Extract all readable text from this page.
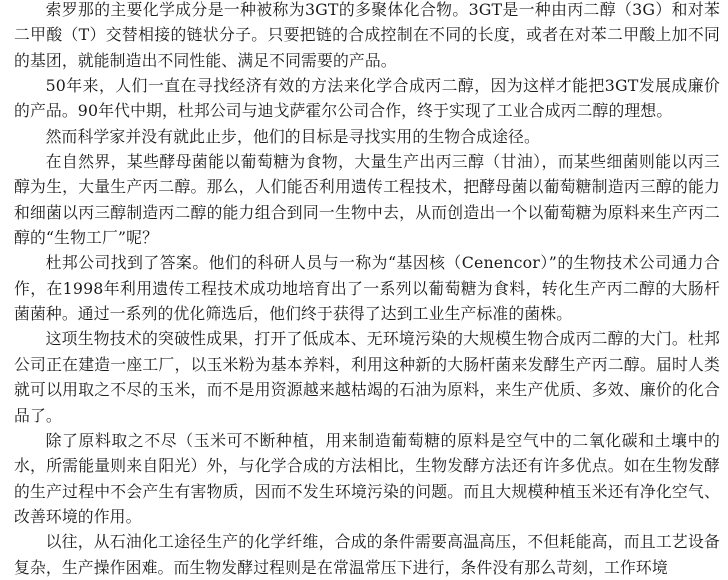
索罗那的主要化学成分是一种被称为3GT的多聚体化合物。3GT是一种由丙二醇（3G）和对苯二甲酸（T）交替相接的链状分子。只要把链的合成控制在不同的长度，或者在对苯二甲酸上加不同的基团，就能制造出不同性能、满足不同需要的产品。

50年来，人们一直在寻找经济有效的方法来化学合成丙二醇，因为这样才能把3GT发展成廉价的产品。90年代中期，杜邦公司与迪戈萨霍尔公司合作，终于实现了工业合成丙二醇的理想。

然而科学家并没有就此止步，他们的目标是寻找实用的生物合成途径。

在自然界，某些酵母菌能以葡萄糖为食物，大量生产出丙三醇（甘油），而某些细菌则能以丙三醇为生，大量生产丙二醇。那么，人们能否利用遗传工程技术，把酵母菌以葡萄糖制造丙三醇的能力和细菌以丙三醇制造丙二醇的能力组合到同一生物中去，从而创造出一个以葡萄糖为原料来生产丙二醇的“生物工厂”呢？

杜邦公司找到了答案。他们的科研人员与一称为“基因核（Cenencor）”的生物技术公司通力合作，在1998年利用遗传工程技术成功地培育出了一系列以葡萄糖为食料，转化生产丙二醇的大肠杆菌菌种。通过一系列的优化筛选后，他们终于获得了达到工业生产标准的菌株。

这项生物技术的突破性成果，打开了低成本、无环境污染的大规模生物合成丙二醇的大门。杜邦公司正在建造一座工厂，以玉米粉为基本养料，利用这种新的大肠杆菌来发酵生产丙二醇。届时人类就可以用取之不尽的玉米，而不是用资源越来越枯竭的石油为原料，来生产优质、多效、廉价的化合品了。

除了原料取之不尽（玉米可不断种植，用来制造葡萄糖的原料是空气中的二氧化碳和土壤中的水，所需能量则来自阳光）外，与化学合成的方法相比，生物发酵方法还有许多优点。如在生物发酵的生产过程中不会产生有害物质，因而不发生环境污染的问题。而且大规模种植玉米还有净化空气、改善环境的作用。

以往，从石油化工途径生产的化学纤维，合成的条件需要高温高压，不但耗能高，而且工艺设备复杂，生产操作困难。而生物发酵过程则是在常温常压下进行，条件没有那么苛刻，工作环境
